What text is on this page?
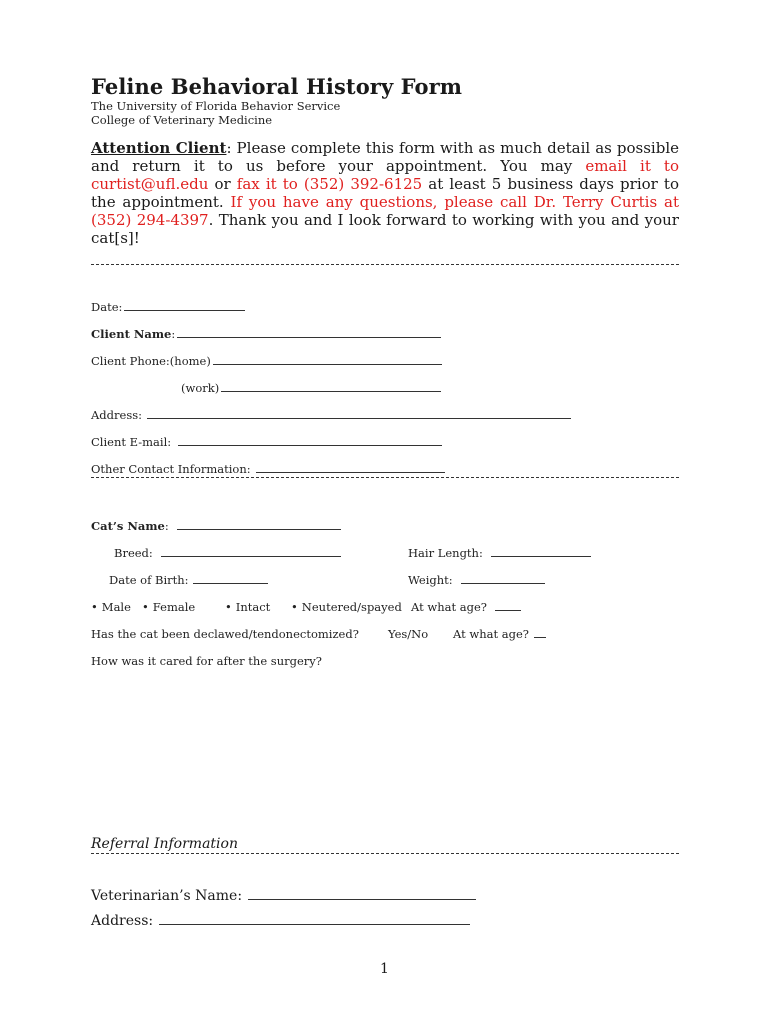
Feline Behavioral History Form
The University of Florida Behavior Service
College of Veterinary Medicine
Attention Client: Please complete this form with as much detail as possible and return it to us before your appointment. You may email it to curtist@ufl.edu or fax it to (352) 392-6125 at least 5 business days prior to the appointment. If you have any questions, please call Dr. Terry Curtis at (352) 294-4397. Thank you and I look forward to working with you and your cat[s]!
Date:
Client Name:
Client Phone:(home)
(work)
Address:
Client E-mail:
Other Contact Information:
Cat’s Name:
Breed:	Hair Length:
Date of Birth:	Weight:
• Male • Female	• Intact • Neutered/spayed At what age?
Has the cat been declawed/tendonectomized?	Yes/No At what age?
How was it cared for after the surgery?
Referral Information
Veterinarian’s Name:
Address:
1
